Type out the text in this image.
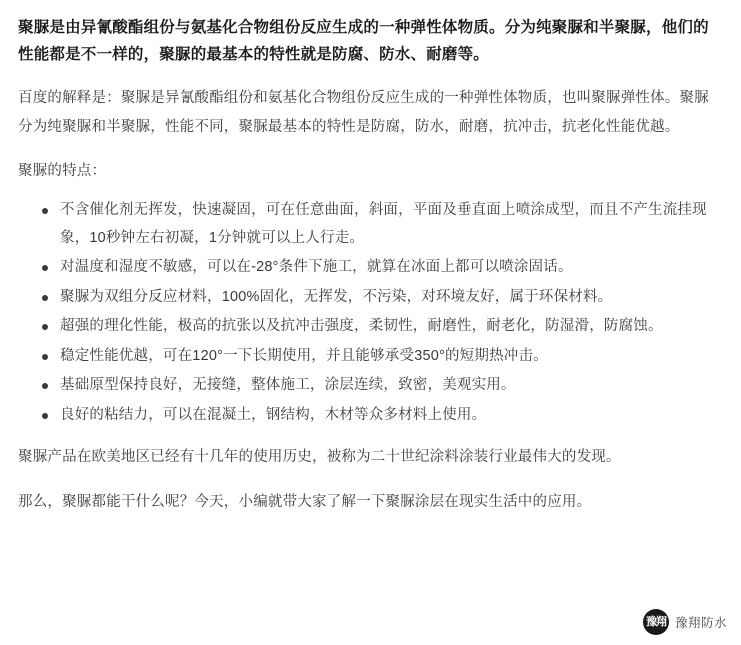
聚脲是由异氰酸酯组份与氨基化合物组份反应生成的一种弹性体物质。分为纯聚脲和半聚脲，他们的性能都是不一样的，聚脲的最基本的特性就是防腐、防水、耐磨等。

百度的解释是：聚脲是异氰酸酯组份和氨基化合物组份反应生成的一种弹性体物质，也叫聚脲弹性体。聚脲分为纯聚脲和半聚脲，性能不同，聚脲最基本的特性是防腐，防水，耐磨，抗冲击，抗老化性能优越。

聚脲的特点：

不含催化剂无挥发，快速凝固，可在任意曲面，斜面，平面及垂直面上喷涂成型，而且不产生流挂现象，10秒钟左右初凝，1分钟就可以上人行走。
对温度和湿度不敏感，可以在-28°条件下施工，就算在冰面上都可以喷涂固话。
聚脲为双组分反应材料，100%固化，无挥发，不污染，对环境友好，属于环保材料。
超强的理化性能，极高的抗张以及抗冲击强度，柔韧性，耐磨性，耐老化，防湿滑，防腐蚀。
稳定性能优越，可在120°一下长期使用，并且能够承受350°的短期热冲击。
基础原型保持良好，无接缝，整体施工，涂层连续，致密，美观实用。
良好的粘结力，可以在混凝土，钢结构，木材等众多材料上使用。

聚脲产品在欧美地区已经有十几年的使用历史，被称为二十世纪涂料涂装行业最伟大的发现。

那么，聚脲都能干什么呢？今天，小编就带大家了解一下聚脲涂层在现实生活中的应用。

豫翔 豫翔防水
